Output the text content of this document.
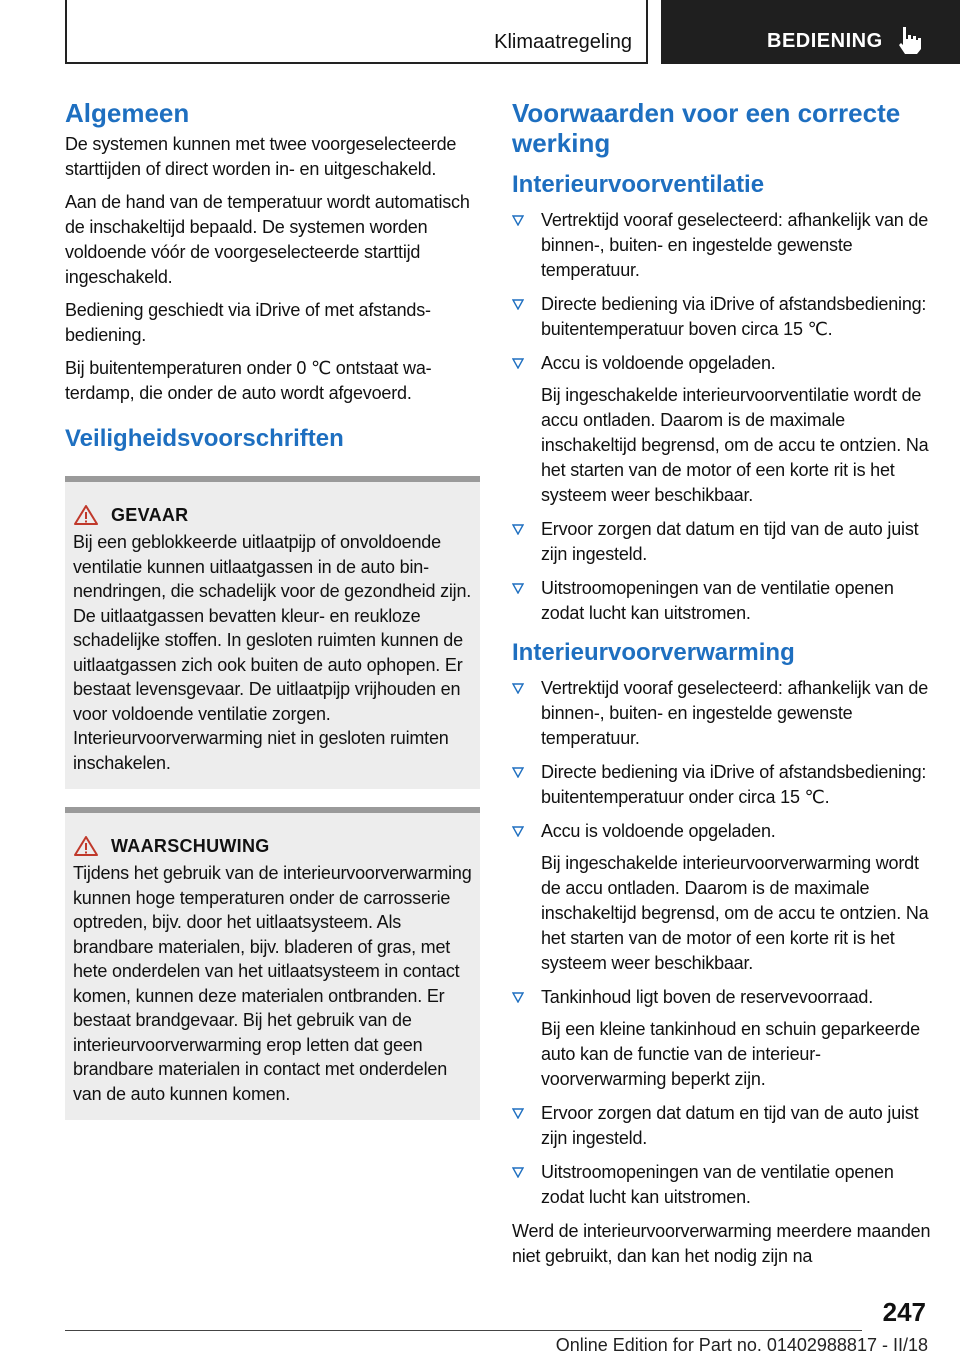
Klimaatregeling	BEDIENING
Algemeen

De systemen kunnen met twee voorgeselecteerde starttijden of direct worden in- en uitgeschakeld.

Aan de hand van de temperatuur wordt automatisch de inschakeltijd bepaald. De systemen worden voldoende vóór de voorgeselecteerde starttijd ingeschakeld.

Bediening geschiedt via iDrive of met afstandsbediening.

Bij buitentemperaturen onder 0 ℃ ontstaat waterdamp, die onder de auto wordt afgevoerd.

Veiligheidsvoorschriften
GEVAAR
Bij een geblokkeerde uitlaatpijp of onvoldoende ventilatie kunnen uitlaatgassen in de auto binnendringen, die schadelijk voor de gezondheid zijn. De uitlaatgassen bevatten kleur- en reukloze schadelijke stoffen. In gesloten ruimten kunnen de uitlaatgassen zich ook buiten de auto ophopen. Er bestaat levensgevaar. De uitlaatpijp vrijhouden en voor voldoende ventilatie zorgen. Interieurvoorverwarming niet in gesloten ruimten inschakelen.
WAARSCHUWING
Tijdens het gebruik van de interieurvoorverwarming kunnen hoge temperaturen onder de carrosserie optreden, bijv. door het uitlaatsysteem. Als brandbare materialen, bijv. bladeren of gras, met hete onderdelen van het uitlaatsysteem in contact komen, kunnen deze materialen ontbranden. Er bestaat brandgevaar. Bij het gebruik van de interieurvoorverwarming erop letten dat geen brandbare materialen in contact met onderdelen van de auto kunnen komen.
Voorwaarden voor een correcte werking
Interieurvoorventilatie
Vertrektijd vooraf geselecteerd: afhankelijk van de binnen-, buiten- en ingestelde gewenste temperatuur.
Directe bediening via iDrive of afstandsbediening: buitentemperatuur boven circa 15 ℃.
Accu is voldoende opgeladen.
Bij ingeschakelde interieurvoorventilatie wordt de accu ontladen. Daarom is de maximale inschakeltijd begrensd, om de accu te ontzien. Na het starten van de motor of een korte rit is het systeem weer beschikbaar.
Ervoor zorgen dat datum en tijd van de auto juist zijn ingesteld.
Uitstroomopeningen van de ventilatie openen zodat lucht kan uitstromen.
Interieurvoorverwarming
Vertrektijd vooraf geselecteerd: afhankelijk van de binnen-, buiten- en ingestelde gewenste temperatuur.
Directe bediening via iDrive of afstandsbediening: buitentemperatuur onder circa 15 ℃.
Accu is voldoende opgeladen.
Bij ingeschakelde interieurvoorverwarming wordt de accu ontladen. Daarom is de maximale inschakeltijd begrensd, om de accu te ontzien. Na het starten van de motor of een korte rit is het systeem weer beschikbaar.
Tankinhoud ligt boven de reservevoorraad.
Bij een kleine tankinhoud en schuin geparkeerde auto kan de functie van de interieurvoorverwarming beperkt zijn.
Ervoor zorgen dat datum en tijd van de auto juist zijn ingesteld.
Uitstroomopeningen van de ventilatie openen zodat lucht kan uitstromen.

Werd de interieurvoorverwarming meerdere maanden niet gebruikt, dan kan het nodig zijn na

247
Online Edition for Part no. 01402988817 - II/18
